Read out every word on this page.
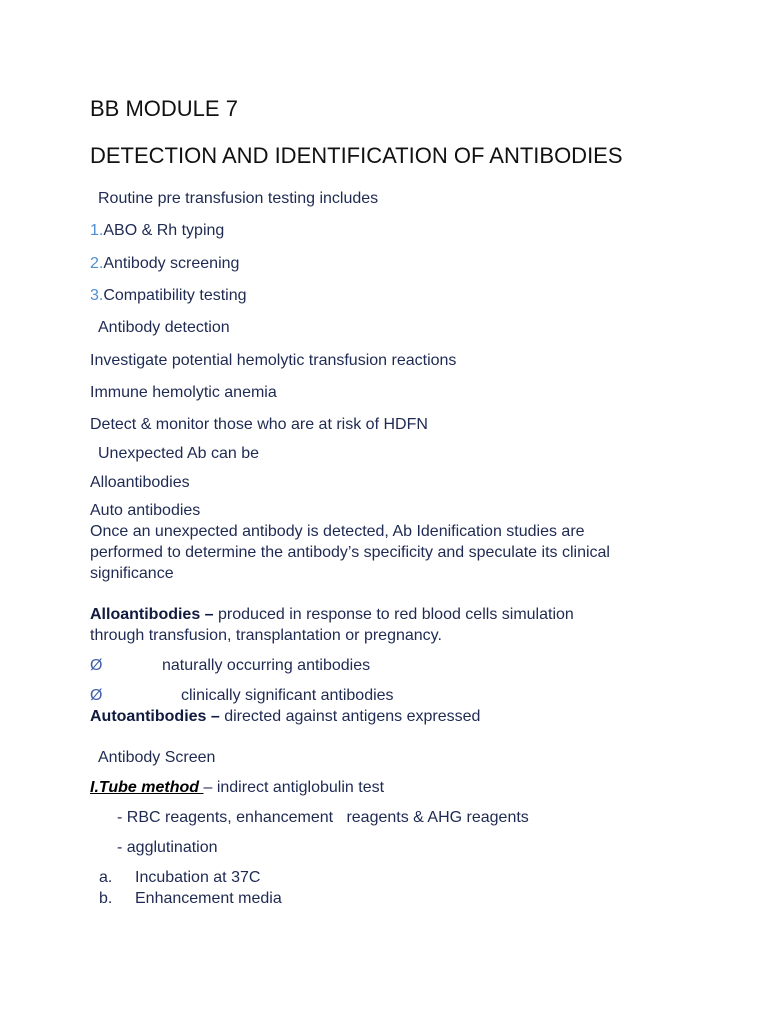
BB MODULE 7
DETECTION AND IDENTIFICATION OF ANTIBODIES
Routine pre transfusion testing includes
1.ABO & Rh typing
2.Antibody screening
3.Compatibility testing
Antibody detection
Investigate potential hemolytic transfusion reactions
Immune hemolytic anemia
Detect & monitor those who are at risk of HDFN
Unexpected Ab can be
Alloantibodies
Auto antibodies
Once an unexpected antibody is detected, Ab Idenification studies are
performed to determine the antibody’s specificity and speculate its clinical
significance
Alloantibodies – produced in response to red blood cells simulation
through transfusion, transplantation or pregnancy.
Ø	naturally occurring antibodies
Ø	clinically significant antibodies
Autoantibodies – directed against antigens expressed
Antibody Screen
I.Tube method – indirect antiglobulin test
- RBC reagents, enhancement   reagents & AHG reagents
- agglutination
a. Incubation at 37C
b. Enhancement media
